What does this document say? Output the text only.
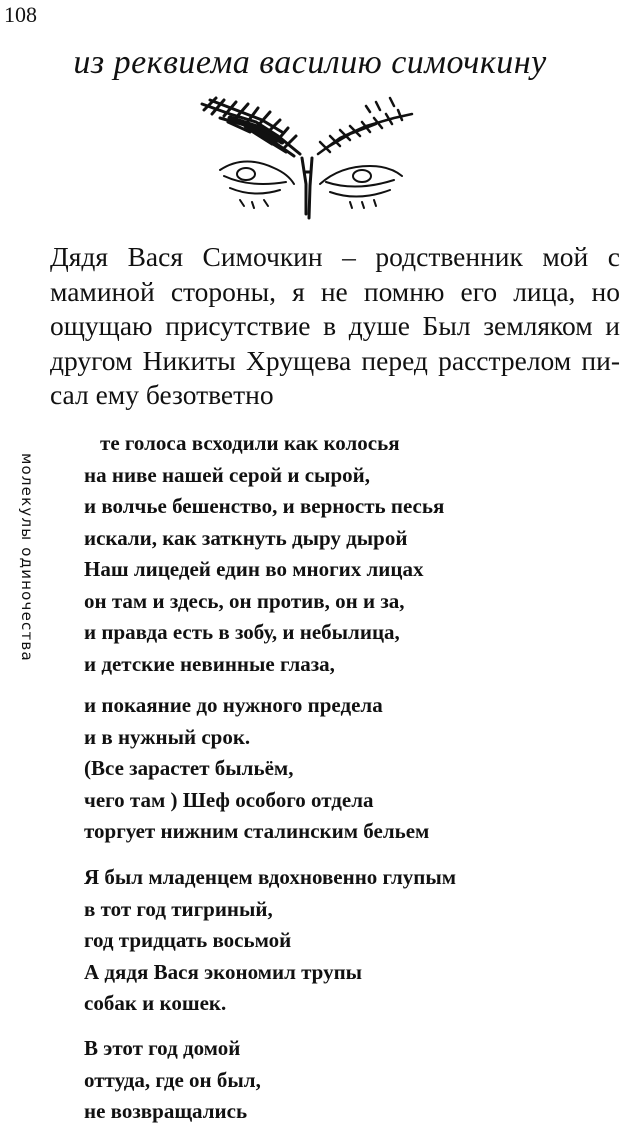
108
из реквиема василию симочкину
молекулы одиночества
Дядя Вася Симочкин – родственник мой с
маминой стороны, я не помню его лица, но
ощущаю присутствие в душе Был земляком и
другом Никиты Хрущева перед расстрелом пи-
сал ему безответно
те голоса всходили как колосья
на ниве нашей серой и сырой,
и волчье бешенство, и верность песья
искали, как заткнуть дыру дырой
Наш лицедей един во многих лицах
он там и здесь, он против, он и за,
и правда есть в зобу, и небылица,
и детские невинные глаза,
и покаяние до нужного предела
и в нужный срок.
(Все зарастет быльём,
чего там ) Шеф особого отдела
торгует нижним сталинским бельем
Я был младенцем вдохновенно глупым
в тот год тигриный,
год тридцать восьмой
А дядя Вася экономил трупы
собак и кошек.
В этот год домой
оттуда, где он был,
не возвращались
